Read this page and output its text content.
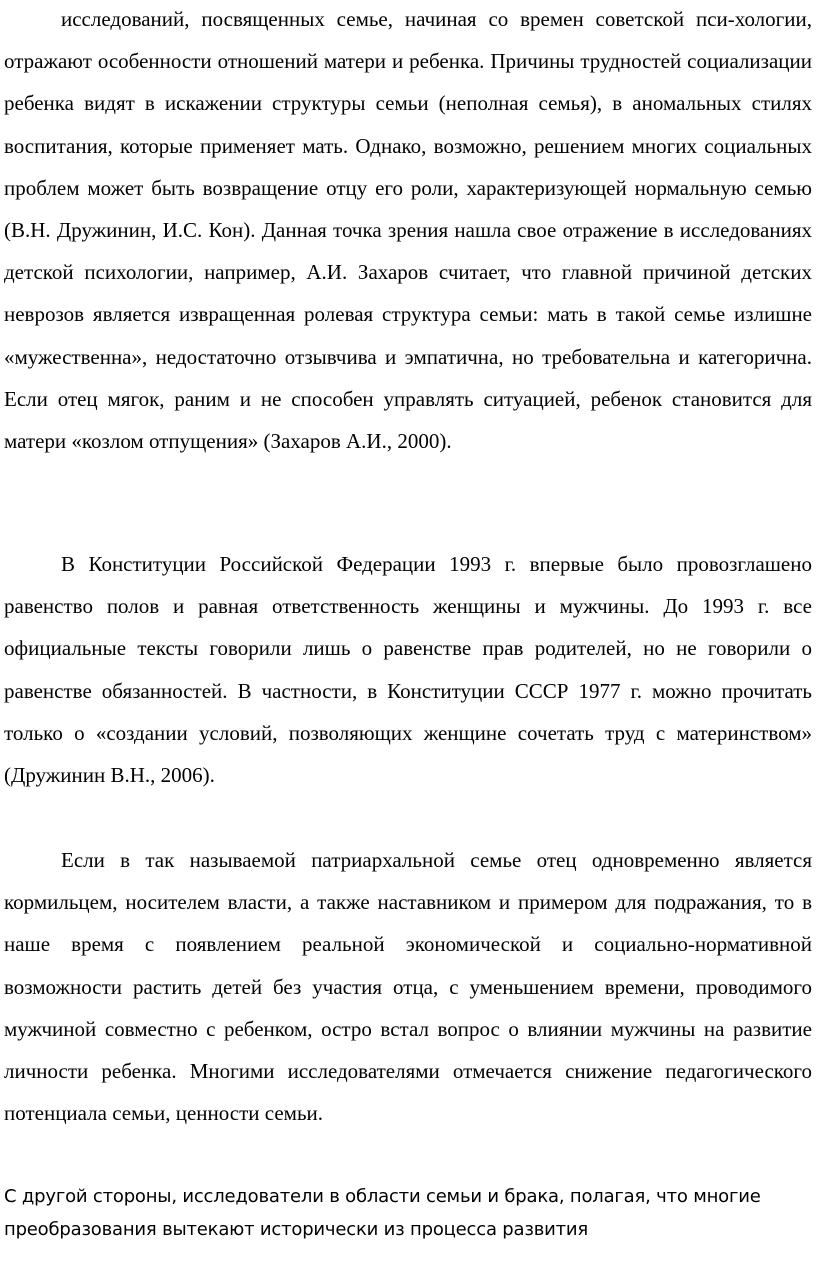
исследований, посвященных семье, начиная со времен советской пси-хологии, отражают особенности отношений матери и ребенка. Причины трудностей социализации ребенка видят в искажении структуры семьи (неполная семья), в аномальных стилях воспитания, которые применяет мать. Однако, возможно, решением многих социальных проблем может быть возвращение отцу его роли, характеризующей нормальную семью (В.Н. Дружинин, И.С. Кон). Данная точка зрения нашла свое отражение в исследованиях детской психологии, например, А.И. Захаров считает, что главной причиной детских неврозов является извращенная ролевая структура семьи: мать в такой семье излишне «мужественна», недостаточно отзывчива и эмпатична, но требовательна и категорична. Если отец мягок, раним и не способен управлять ситуацией, ребенок становится для матери «козлом отпущения» (Захаров А.И., 2000).

В Конституции Российской Федерации 1993 г. впервые было провозглашено равенство полов и равная ответственность женщины и мужчины. До 1993 г. все официальные тексты говорили лишь о равенстве прав родителей, но не говорили о равенстве обязанностей. В частности, в Конституции СССР 1977 г. можно прочитать только о «создании условий, позволяющих женщине сочетать труд с материнством» (Дружинин В.Н., 2006).

Если в так называемой патриархальной семье отец одновременно является кормильцем, носителем власти, а также наставником и примером для подражания, то в наше время с появлением реальной экономической и социально-нормативной возможности растить детей без участия отца, с уменьшением времени, проводимого мужчиной совместно с ребенком, остро встал вопрос о влиянии мужчины на развитие личности ребенка. Многими исследователями отмечается снижение педагогического потенциала семьи, ценности семьи.

С другой стороны, исследователи в области семьи и брака, полагая, что многие преобразования вытекают исторически из процесса развития
